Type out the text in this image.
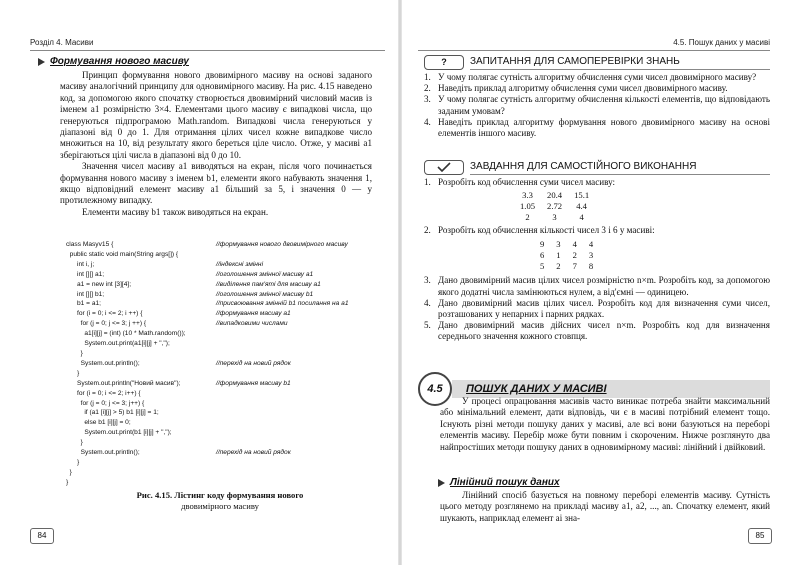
Розділ 4. Масиви
Формування нового масиву

Принцип формування нового двовимірного масиву на основі заданого масиву аналогічний принципу для одновимірного масиву. На рис. 4.15 наведено код, за допомогою якого спочатку створюється двовимірний числовий масив із іменем a1 розмірністю 3×4. Елементами цього масиву є випадкові числа, що генеруються підпрограмою Math.random. Випадкові числа генеруються у діапазоні від 0 до 1. Для отримання цілих чисел кожне випадкове число множиться на 10, від результату якого береться ціле число. Отже, у масиві a1 зберігаються цілі числа в діапазоні від 0 до 10.

Значення чисел масиву a1 виводяться на екран, після чого починається формування нового масиву з іменем b1, елементи якого набувають значення 1, якщо відповідний елемент масиву a1 більший за 5, і значення 0 — у протилежному випадку.

Елементи масиву b1 також виводяться на екран.

class Masyv15 {	//формування нового двовимірного масиву
public static void main(String args[]) {
int i, j;	//індексні змінні
int [][] a1;	//оголошення змінної масиву a1
a1 = new int [3][4];	//виділення пам'яті для масиву a1
int [][] b1;	//оголошення змінної масиву b1
b1 = a1;	//присвоювання змінній b1 посилання на a1
for (i = 0; i <= 2; i ++) {	//формування масиву a1
for (j = 0; j <= 3; j ++) {	//випадковими числами
a1[i][j] = (int) (10 * Math.random());
System.out.print(a1[i][j] + ",");
}
System.out.println();	//перехід на новий рядок
}
System.out.println("Новий масив");	//формування масиву b1
for (i = 0; i <= 2; i++) {
for (j = 0; j <= 3; j++) {
if (a1 [i][j] > 5) b1 [i][j] = 1;
else b1 [i][j] = 0;
System.out.print(b1 [i][j] + ",");
}
System.out.println();	//перехід на новий рядок
}
}
}
Рис. 4.15. Лістинг коду формування нового
двовимірного масиву
84
4.5. Пошук даних у масиві
?	ЗАПИТАННЯ ДЛЯ САМОПЕРЕВІРКИ ЗНАНЬ
1. У чому полягає сутність алгоритму обчислення суми чисел двовимірного масиву?
2. Наведіть приклад алгоритму обчислення суми чисел двовимірного масиву.
3. У чому полягає сутність алгоритму обчислення кількості елементів, що відповідають заданим умовам?
4. Наведіть приклад алгоритму формування нового двовимірного масиву на основі елементів іншого масиву.
ЗАВДАННЯ ДЛЯ САМОСТІЙНОГО ВИКОНАННЯ
1. Розробіть код обчислення суми чисел масиву:
3.3	20.4	15.1
1.05	2.72	4.4
2	3	4
2. Розробіть код обчислення кількості чисел 3 і 6 у масиві:
9	3	4	4
6	1	2	3
5	2	7	8
3. Дано двовимірний масив цілих чисел розмірністю n×m. Розробіть код, за допомогою якого додатні числа замінюються нулем, а від'ємні — одиницею.
4. Дано двовимірний масив цілих чисел. Розробіть код для визначення суми чисел, розташованих у непарних і парних рядках.
5. Дано двовимірний масив дійсних чисел n×m. Розробіть код для визначення середнього значення кожного стовпця.
4.5	ПОШУК ДАНИХ У МАСИВІ

У процесі опрацювання масивів часто виникає потреба знайти максимальний або мінімальний елемент, дати відповідь, чи є в масиві потрібний елемент тощо. Існують різні методи пошуку даних у масиві, але всі вони базуються на переборі елементів масиву. Перебір може бути повним і скороченим. Нижче розглянуто два найпростіших методи пошуку даних в одновимірному масиві: лінійний і двійковий.

Лінійний пошук даних

Лінійний спосіб базується на повному переборі елементів масиву. Сутність цього методу розглянемо на прикладі масиву a1, a2, ..., an. Спочатку елемент, який шукають, наприклад елемент аі зна-

85
